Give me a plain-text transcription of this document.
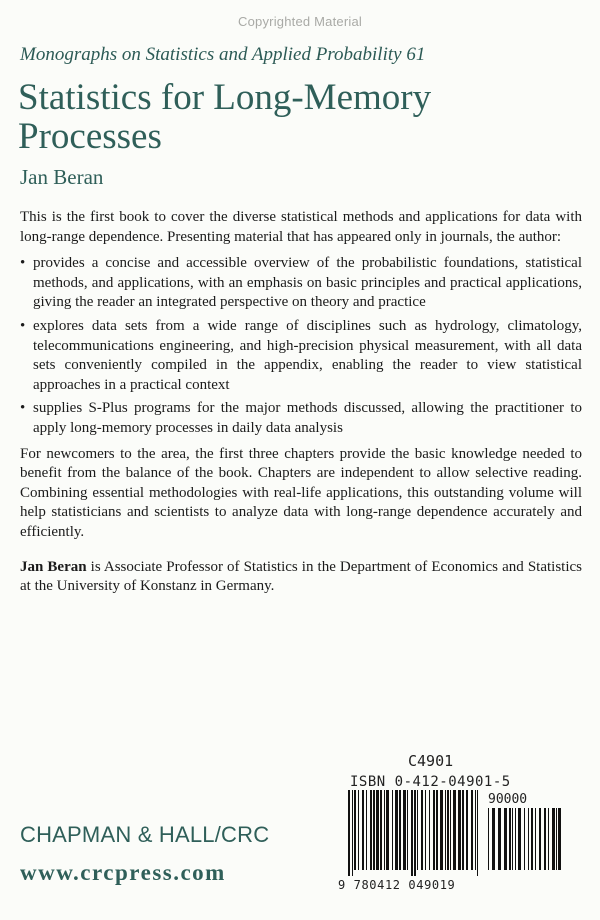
Copyrighted Material
Monographs on Statistics and Applied Probability 61
Statistics for Long-Memory Processes
Jan Beran

This is the first book to cover the diverse statistical methods and applications for data with long-range dependence. Presenting material that has appeared only in journals, the author:

• provides a concise and accessible overview of the probabilistic foundations, statistical methods, and applications, with an emphasis on basic principles and practical applications, giving the reader an integrated perspective on theory and practice
• explores data sets from a wide range of disciplines such as hydrology, climatology, telecommunications engineering, and high-precision physical measurement, with all data sets conveniently compiled in the appendix, enabling the reader to view statistical approaches in a practical context
• supplies S-Plus programs for the major methods discussed, allowing the practitioner to apply long-memory processes in daily data analysis

For newcomers to the area, the first three chapters provide the basic knowledge needed to benefit from the balance of the book. Chapters are independent to allow selective reading. Combining essential methodologies with real-life applications, this outstanding volume will help statisticians and scientists to analyze data with long-range dependence accurately and efficiently.

Jan Beran is Associate Professor of Statistics in the Department of Economics and Statistics at the University of Konstanz in Germany.

C4901
ISBN 0-412-04901-5
90000
9 780412 049019
CHAPMAN & HALL/CRC
www.crcpress.com
